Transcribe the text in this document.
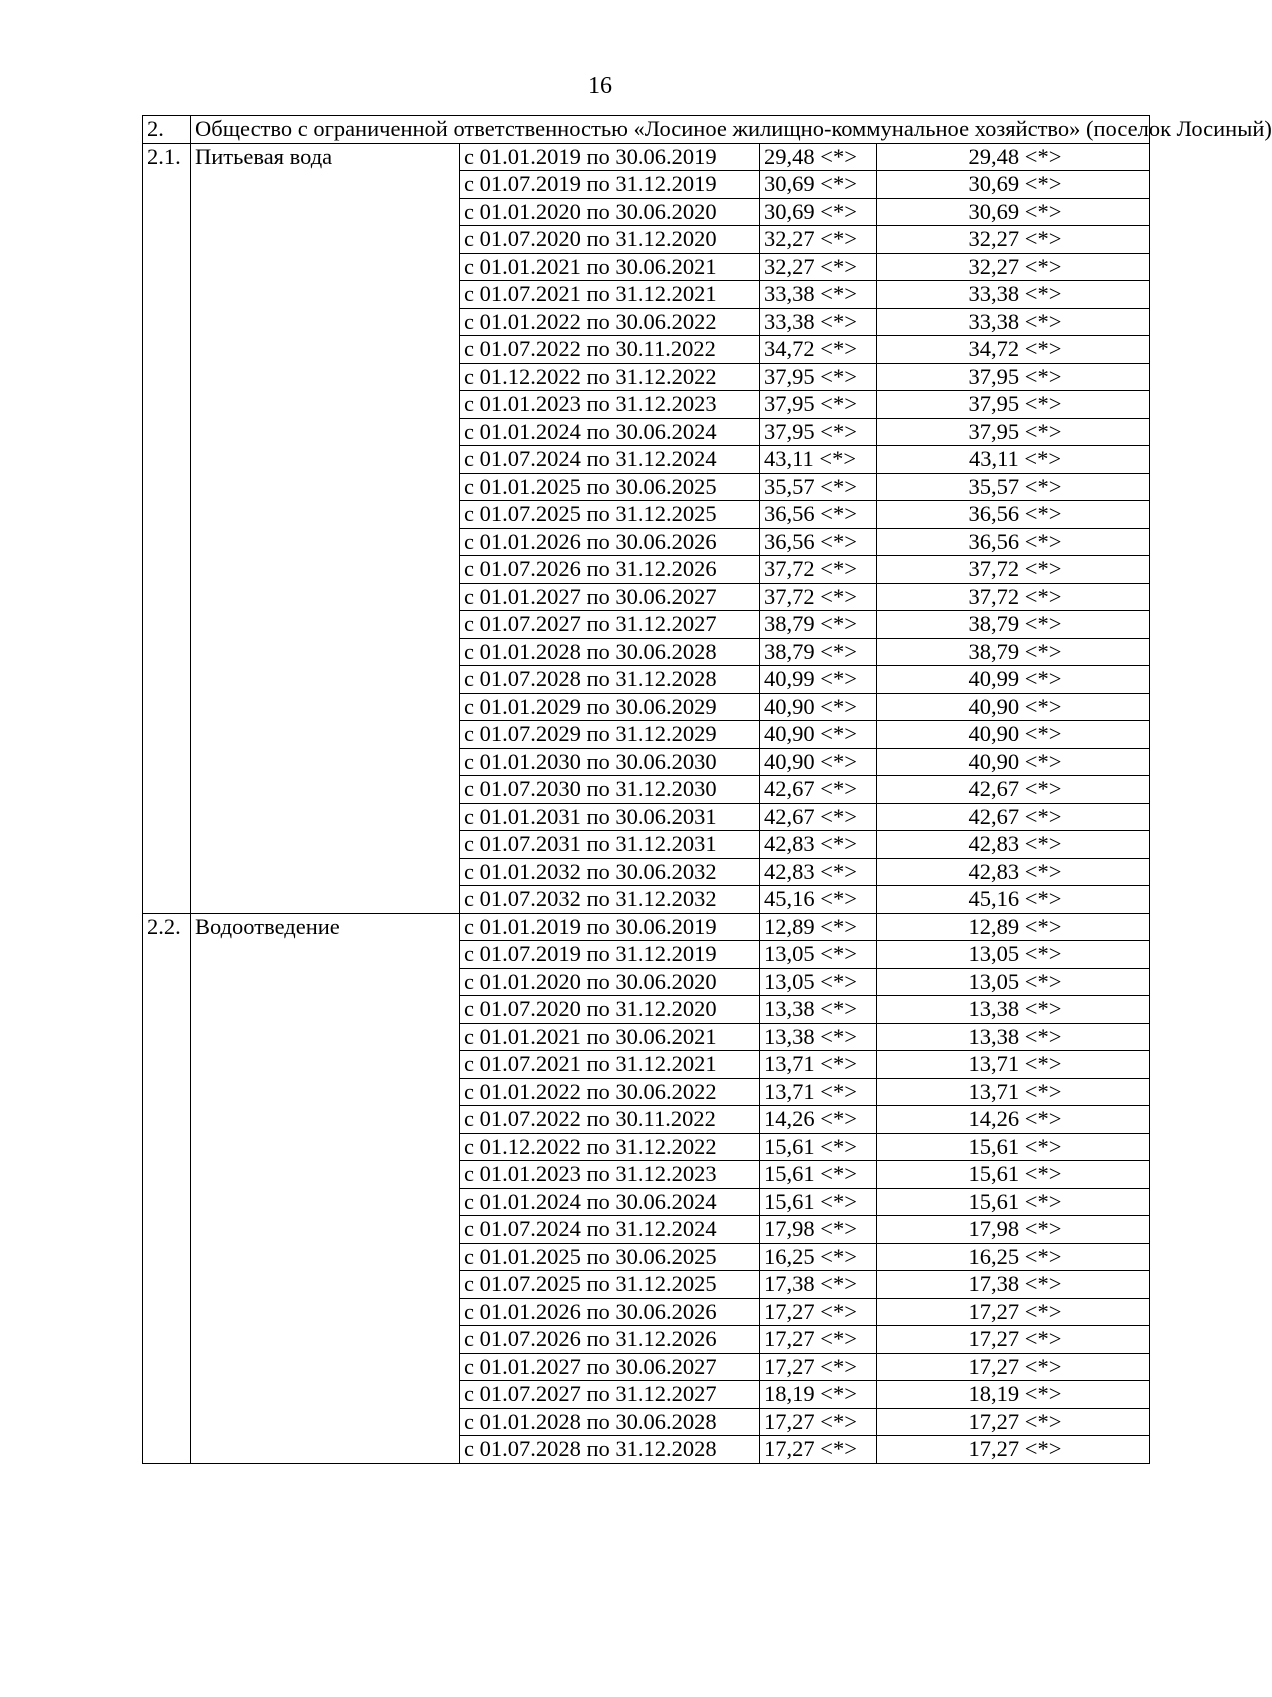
16
2.	Общество с ограниченной ответственностью «Лосиное жилищно-коммунальное хозяйство» (поселок Лосиный)			
2.1.	Питьевая вода	с 01.01.2019 по 30.06.2019	29,48 <*>	29,48 <*>
		с 01.07.2019 по 31.12.2019	30,69 <*>	30,69 <*>
		с 01.01.2020 по 30.06.2020	30,69 <*>	30,69 <*>
		с 01.07.2020 по 31.12.2020	32,27 <*>	32,27 <*>
		с 01.01.2021 по 30.06.2021	32,27 <*>	32,27 <*>
		с 01.07.2021 по 31.12.2021	33,38 <*>	33,38 <*>
		с 01.01.2022 по 30.06.2022	33,38 <*>	33,38 <*>
		с 01.07.2022 по 30.11.2022	34,72 <*>	34,72 <*>
		с 01.12.2022 по 31.12.2022	37,95 <*>	37,95 <*>
		с 01.01.2023 по 31.12.2023	37,95 <*>	37,95 <*>
		с 01.01.2024 по 30.06.2024	37,95 <*>	37,95 <*>
		с 01.07.2024 по 31.12.2024	43,11 <*>	43,11 <*>
		с 01.01.2025 по 30.06.2025	35,57 <*>	35,57 <*>
		с 01.07.2025 по 31.12.2025	36,56 <*>	36,56 <*>
		с 01.01.2026 по 30.06.2026	36,56 <*>	36,56 <*>
		с 01.07.2026 по 31.12.2026	37,72 <*>	37,72 <*>
		с 01.01.2027 по 30.06.2027	37,72 <*>	37,72 <*>
		с 01.07.2027 по 31.12.2027	38,79 <*>	38,79 <*>
		с 01.01.2028 по 30.06.2028	38,79 <*>	38,79 <*>
		с 01.07.2028 по 31.12.2028	40,99 <*>	40,99 <*>
		с 01.01.2029 по 30.06.2029	40,90 <*>	40,90 <*>
		с 01.07.2029 по 31.12.2029	40,90 <*>	40,90 <*>
		с 01.01.2030 по 30.06.2030	40,90 <*>	40,90 <*>
		с 01.07.2030 по 31.12.2030	42,67 <*>	42,67 <*>
		с 01.01.2031 по 30.06.2031	42,67 <*>	42,67 <*>
		с 01.07.2031 по 31.12.2031	42,83 <*>	42,83 <*>
		с 01.01.2032 по 30.06.2032	42,83 <*>	42,83 <*>
		с 01.07.2032 по 31.12.2032	45,16 <*>	45,16 <*>
2.2.	Водоотведение	с 01.01.2019 по 30.06.2019	12,89 <*>	12,89 <*>
		с 01.07.2019 по 31.12.2019	13,05 <*>	13,05 <*>
		с 01.01.2020 по 30.06.2020	13,05 <*>	13,05 <*>
		с 01.07.2020 по 31.12.2020	13,38 <*>	13,38 <*>
		с 01.01.2021 по 30.06.2021	13,38 <*>	13,38 <*>
		с 01.07.2021 по 31.12.2021	13,71 <*>	13,71 <*>
		с 01.01.2022 по 30.06.2022	13,71 <*>	13,71 <*>
		с 01.07.2022 по 30.11.2022	14,26 <*>	14,26 <*>
		с 01.12.2022 по 31.12.2022	15,61 <*>	15,61 <*>
		с 01.01.2023 по 31.12.2023	15,61 <*>	15,61 <*>
		с 01.01.2024 по 30.06.2024	15,61 <*>	15,61 <*>
		с 01.07.2024 по 31.12.2024	17,98 <*>	17,98 <*>
		с 01.01.2025 по 30.06.2025	16,25 <*>	16,25 <*>
		с 01.07.2025 по 31.12.2025	17,38 <*>	17,38 <*>
		с 01.01.2026 по 30.06.2026	17,27 <*>	17,27 <*>
		с 01.07.2026 по 31.12.2026	17,27 <*>	17,27 <*>
		с 01.01.2027 по 30.06.2027	17,27 <*>	17,27 <*>
		с 01.07.2027 по 31.12.2027	18,19 <*>	18,19 <*>
		с 01.01.2028 по 30.06.2028	17,27 <*>	17,27 <*>
		с 01.07.2028 по 31.12.2028	17,27 <*>	17,27 <*>
